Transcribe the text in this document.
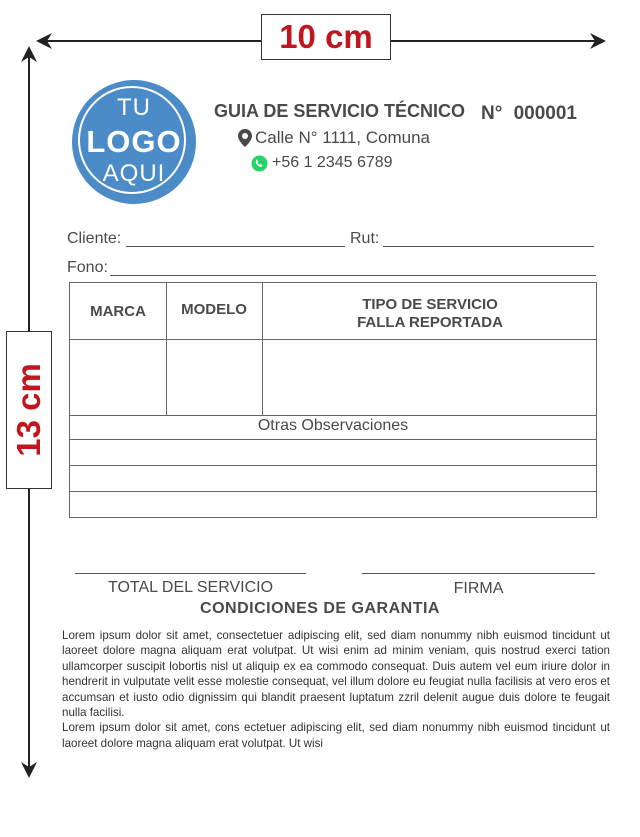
10 cm
13 cm
TU
LOGO
AQUI
GUIA DE SERVICIO TÉCNICO N° 000001
Calle N° 1111, Comuna
+56 1 2345 6789
Cliente:	Rut:
Fono:
MARCA	MODELO	TIPO DE SERVICIO
FALLA REPORTADA
Otras Observaciones
TOTAL DEL SERVICIO	FIRMA
CONDICIONES DE GARANTIA

Lorem ipsum dolor sit amet, consectetuer adipiscing elit, sed diam nonummy nibh euismod tincidunt ut laoreet dolore magna aliquam erat volutpat. Ut wisi enim ad minim veniam, quis nostrud exerci tation ullamcorper suscipit lobortis nisl ut aliquip ex ea commodo consequat. Duis autem vel eum iriure dolor in hendrerit in vulputate velit esse molestie consequat, vel illum dolore eu feugiat nulla facilisis at vero eros et accumsan et iusto odio dignissim qui blandit praesent luptatum zzril delenit augue duis dolore te feugait nulla facilisi.

Lorem ipsum dolor sit amet, cons ectetuer adipiscing elit, sed diam nonummy nibh euismod tincidunt ut laoreet dolore magna aliquam erat volutpat. Ut wisi
